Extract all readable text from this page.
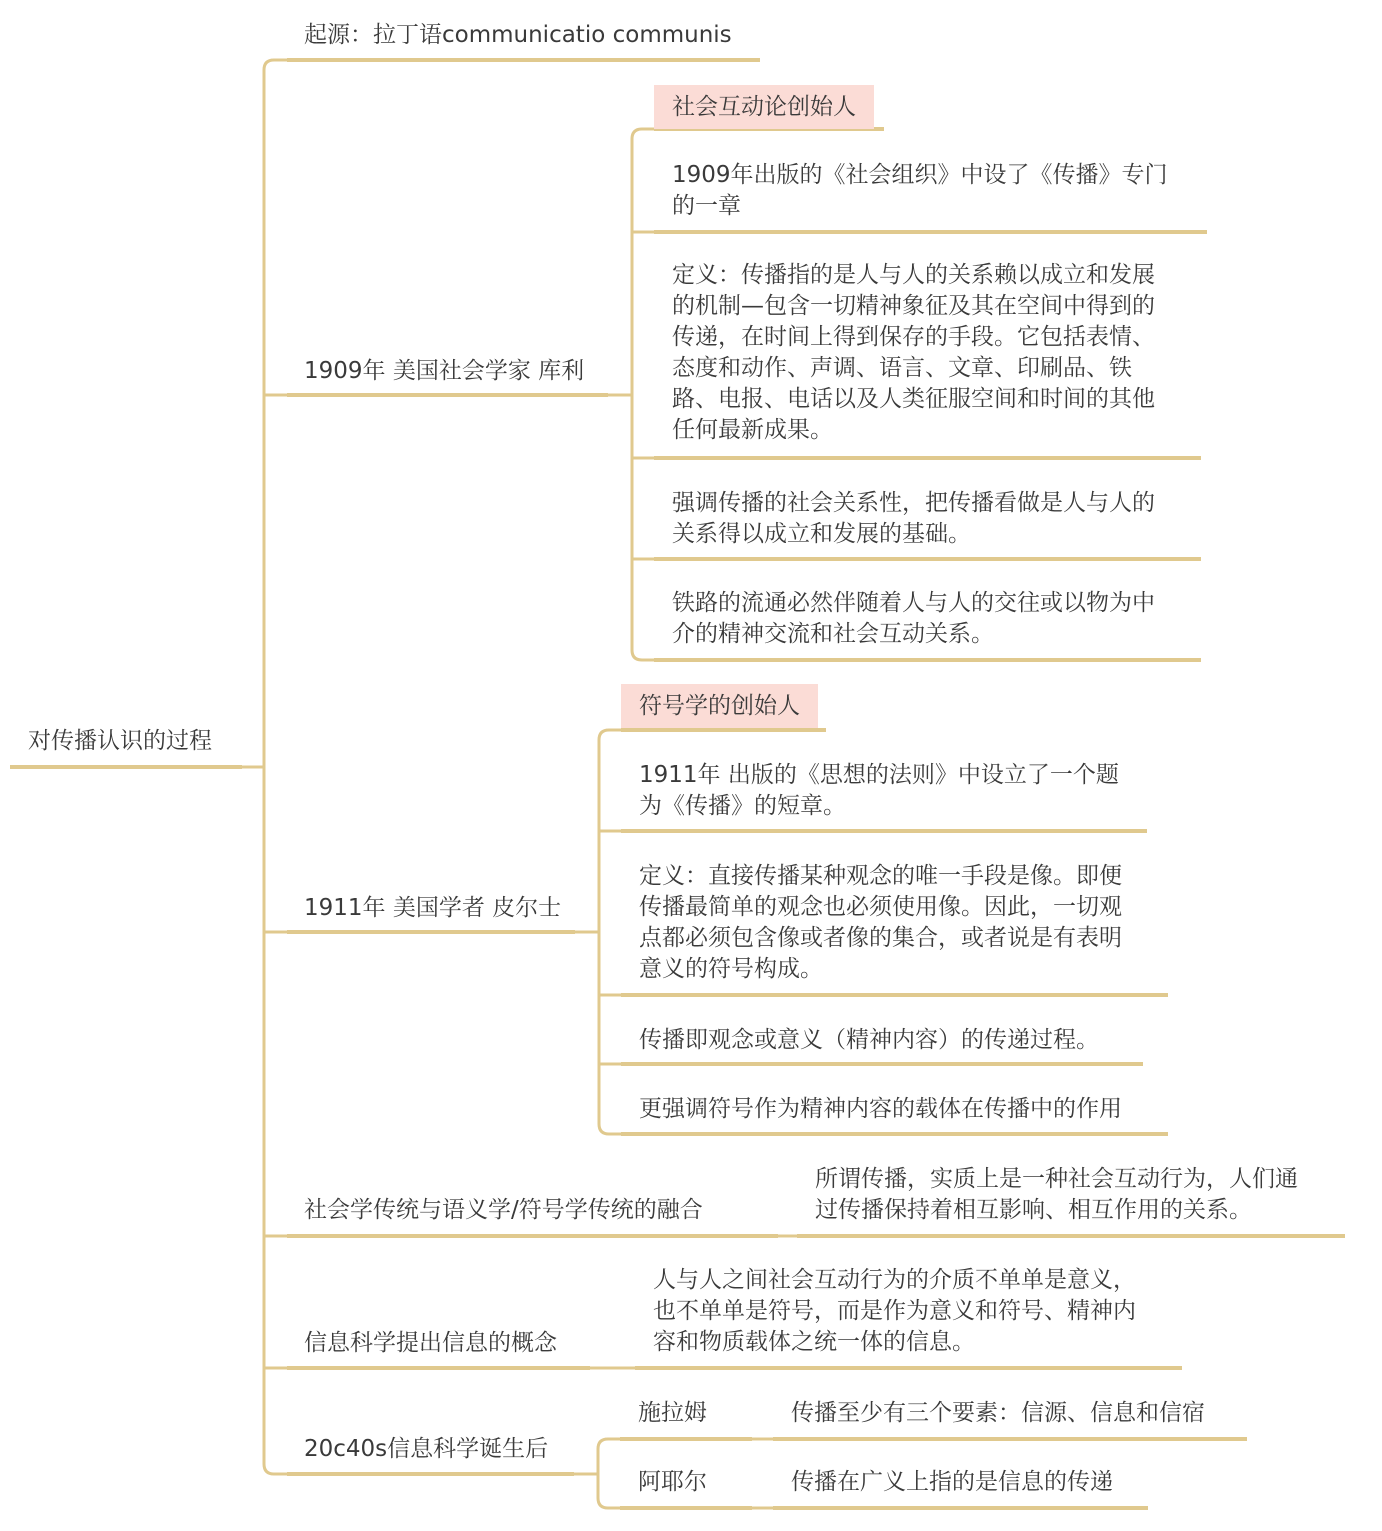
对传播认识的过程
起源：拉丁语communicatio communis
1909年 美国社会学家 库利
社会互动论创始人
1909年出版的《社会组织》中设了《传播》专门
的一章
定义：传播指的是人与人的关系赖以成立和发展
的机制—包含一切精神象征及其在空间中得到的
传递，在时间上得到保存的手段。它包括表情、
态度和动作、声调、语言、文章、印刷品、铁
路、电报、电话以及人类征服空间和时间的其他
任何最新成果。
强调传播的社会关系性，把传播看做是人与人的
关系得以成立和发展的基础。
铁路的流通必然伴随着人与人的交往或以物为中
介的精神交流和社会互动关系。
1911年 美国学者 皮尔士
符号学的创始人
1911年 出版的《思想的法则》中设立了一个题
为《传播》的短章。
定义：直接传播某种观念的唯一手段是像。即便
传播最简单的观念也必须使用像。因此，一切观
点都必须包含像或者像的集合，或者说是有表明
意义的符号构成。
传播即观念或意义（精神内容）的传递过程。
更强调符号作为精神内容的载体在传播中的作用
社会学传统与语义学/符号学传统的融合
所谓传播，实质上是一种社会互动行为，人们通
过传播保持着相互影响、相互作用的关系。
信息科学提出信息的概念
人与人之间社会互动行为的介质不单单是意义，
也不单单是符号，而是作为意义和符号、精神内
容和物质载体之统一体的信息。
20c40s信息科学诞生后
施拉姆	传播至少有三个要素：信源、信息和信宿
阿耶尔	传播在广义上指的是信息的传递
